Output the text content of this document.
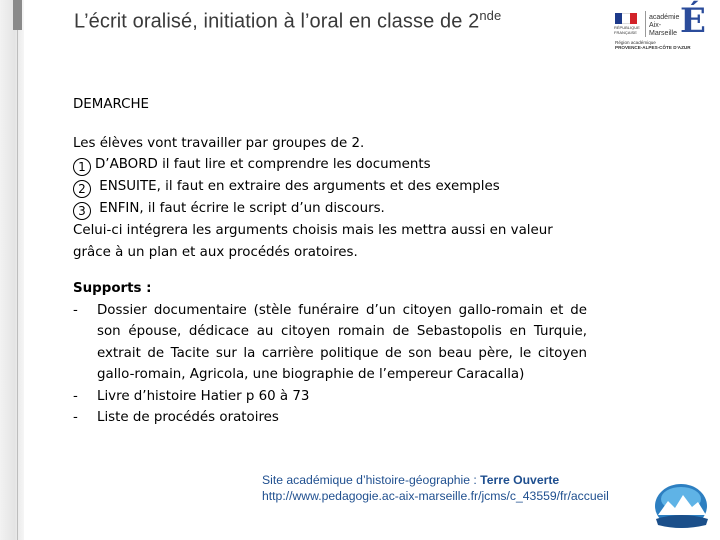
L’écrit oralisé, initiation à l’oral en classe de 2nde
RÉPUBLIQUE FRANÇAISE
académie
Aix-Marseille É
Région académique
PROVENCE-ALPES-CÔTE D’AZUR
DEMARCHE
Les élèves vont travailler par groupes de 2.
1 D’ABORD il faut lire et comprendre les documents
2 ENSUITE, il faut en extraire des arguments et des exemples
3 ENFIN, il faut écrire le script d’un discours.
Celui-ci intégrera les arguments choisis mais les mettra aussi en valeur grâce à un plan et aux procédés oratoires.
Supports :
-	Dossier documentaire (stèle funéraire d’un citoyen gallo-romain et de son épouse, dédicace au citoyen romain de Sebastopolis en Turquie, extrait de Tacite sur la carrière politique de son beau père, le citoyen gallo-romain, Agricola, une biographie de l’empereur Caracalla)
-	Livre d’histoire Hatier p 60 à 73
-	Liste de procédés oratoires
Site académique d’histoire-géographie : Terre Ouverte
http://www.pedagogie.ac-aix-marseille.fr/jcms/c_43559/fr/accueil
